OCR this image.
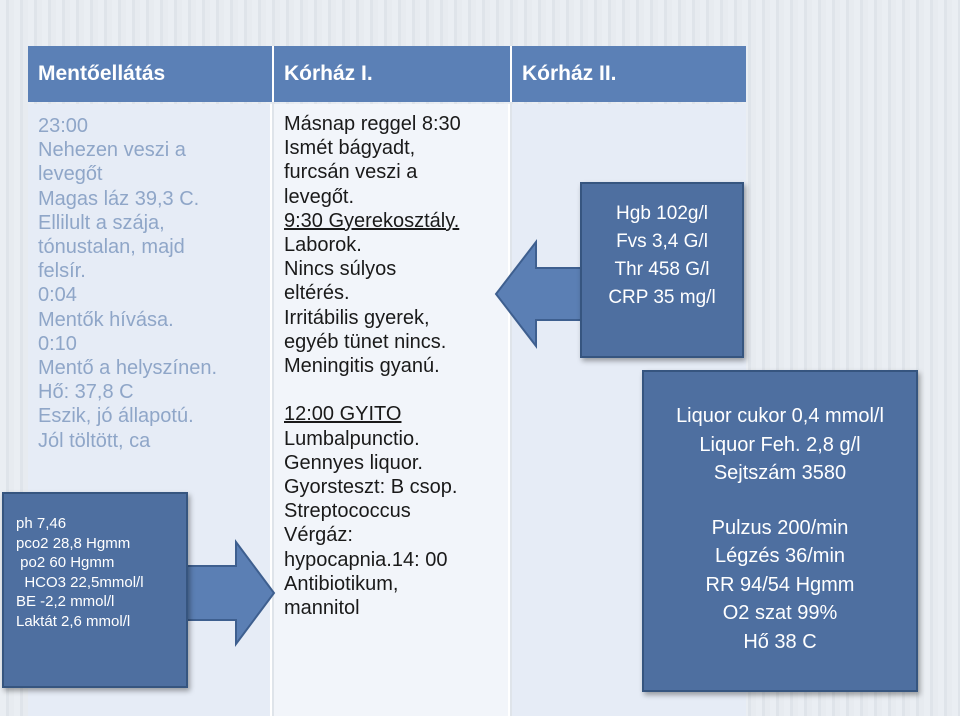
Mentőellátás	Kórház I.	Kórház II.
23:00
Nehezen veszi a
levegőt
Magas láz 39,3 C.
Ellilult a szája,
tónustalan, majd
felsír.
0:04
Mentők hívása.
0:10
Mentő a helyszínen.
Hő: 37,8 C
Eszik, jó állapotú.
Jól töltött, ca
Másnap reggel 8:30
Ismét bágyadt,
furcsán veszi a
levegőt.
9:30 Gyerekosztály.
Laborok.
Nincs súlyos
eltérés.
Irritábilis gyerek,
egyéb tünet nincs.
Meningitis gyanú.

12:00 GYITO
Lumbalpunctio.
Gennyes liquor.
Gyorsteszt: B csop.
Streptococcus
Vérgáz:
hypocapnia.14: 00
Antibiotikum,
mannitol
ph 7,46
pco2 28,8 Hgmm
po2 60 Hgmm
HCO3 22,5mmol/l
BE -2,2 mmol/l
Laktát 2,6 mmol/l
Hgb 102g/l
Fvs 3,4 G/l
Thr 458 G/l
CRP 35 mg/l
Liquor cukor 0,4 mmol/l
Liquor Feh. 2,8 g/l
Sejtszám 3580
Pulzus 200/min
Légzés 36/min
RR 94/54 Hgmm
O2 szat 99%
Hő 38 C
